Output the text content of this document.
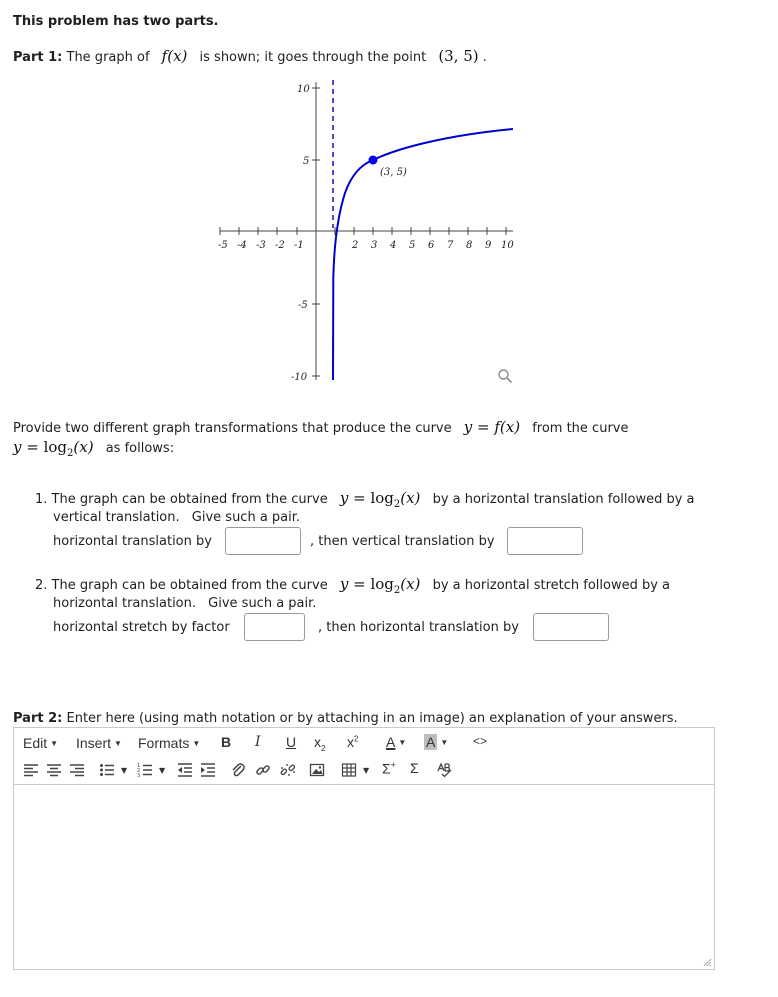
This problem has two parts.
Part 1: The graph of f(x) is shown; it goes through the point (3, 5) .
-5 -4 -3 -2 -1	2 3 4 5 6 7 8 9 10
10
5
-5
-10
(3, 5)
Provide two different graph transformations that produce the curve y = f(x) from the curve
$y = \log_2(x)$ as follows:
1. The graph can be obtained from the curve $y = \log_2(x)$ by a horizontal translation followed by a
vertical translation. Give such a pair.
horizontal translation by	, then vertical translation by
2. The graph can be obtained from the curve $y = \log_2(x)$ by a horizontal stretch followed by a
horizontal translation. Give such a pair.
horizontal stretch by factor	, then horizontal translation by
Part 2: Enter here (using math notation or by attaching in an image) an explanation of your answers.
Edit ▼ Insert ▼ Formats ▼ B I U $x_2$ $x^2$ A ▼ A ▼ <>
▼ 1
2
3
▼	▼ Σ+ Σ
